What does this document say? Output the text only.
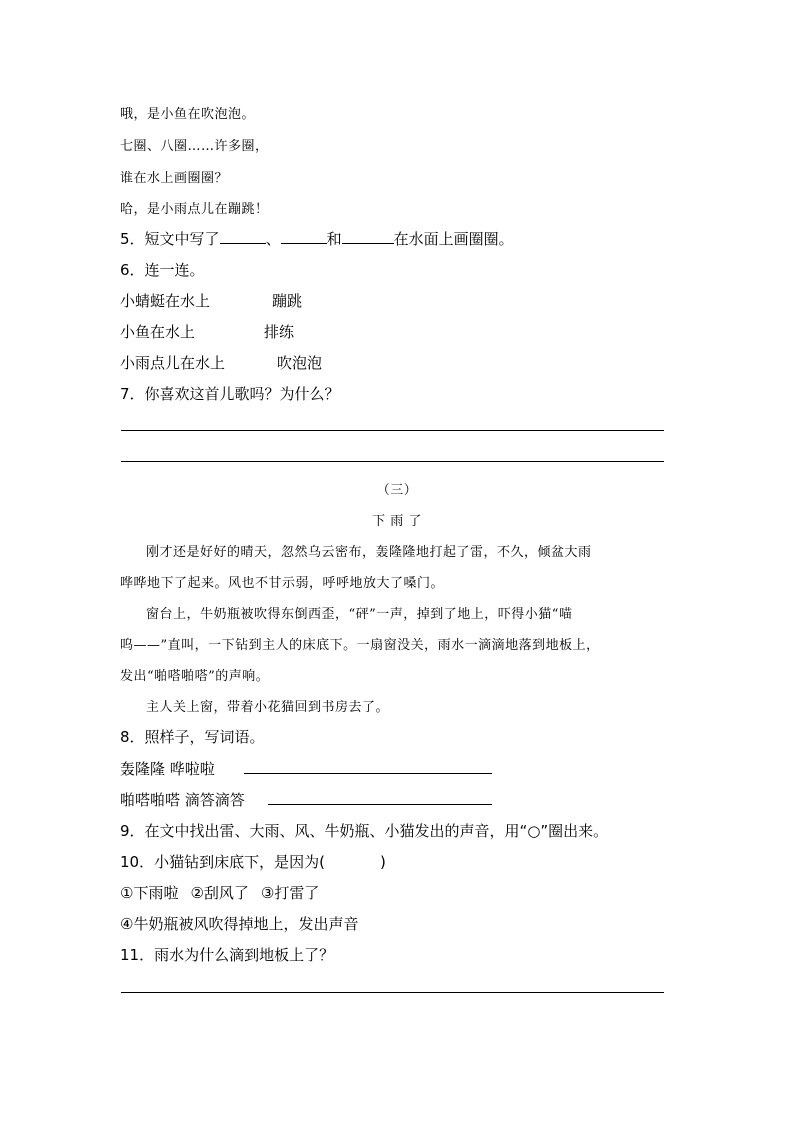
哦，是小鱼在吹泡泡。
七圈、八圈……许多圈，
谁在水上画圈圈？
哈，是小雨点儿在蹦跳！
5．短文中写了	、	和	在水面上画圈圈。
6．连一连。
小蜻蜓在水上	蹦跳
小鱼在水上	排练
小雨点儿在水上	吹泡泡
7．你喜欢这首儿歌吗？为什么？
（三）
下 雨 了
刚才还是好好的晴天，忽然乌云密布，轰隆隆地打起了雷，不久，倾盆大雨
哗哗地下了起来。风也不甘示弱，呼呼地放大了嗓门。
窗台上，牛奶瓶被吹得东倒西歪，“砰”一声，掉到了地上，吓得小猫“喵
呜——”直叫，一下钻到主人的床底下。一扇窗没关，雨水一滴滴地落到地板上，
发出“啪嗒啪嗒”的声响。
主人关上窗，带着小花猫回到书房去了。
8．照样子，写词语。
轰隆隆 哗啦啦
啪嗒啪嗒 滴答滴答
9．在文中找出雷、大雨、风、牛奶瓶、小猫发出的声音，用“○”圈出来。
10．小猫钻到床底下，是因为(	)
①下雨啦 ②刮风了 ③打雷了
④牛奶瓶被风吹得掉地上，发出声音
11．雨水为什么滴到地板上了？
